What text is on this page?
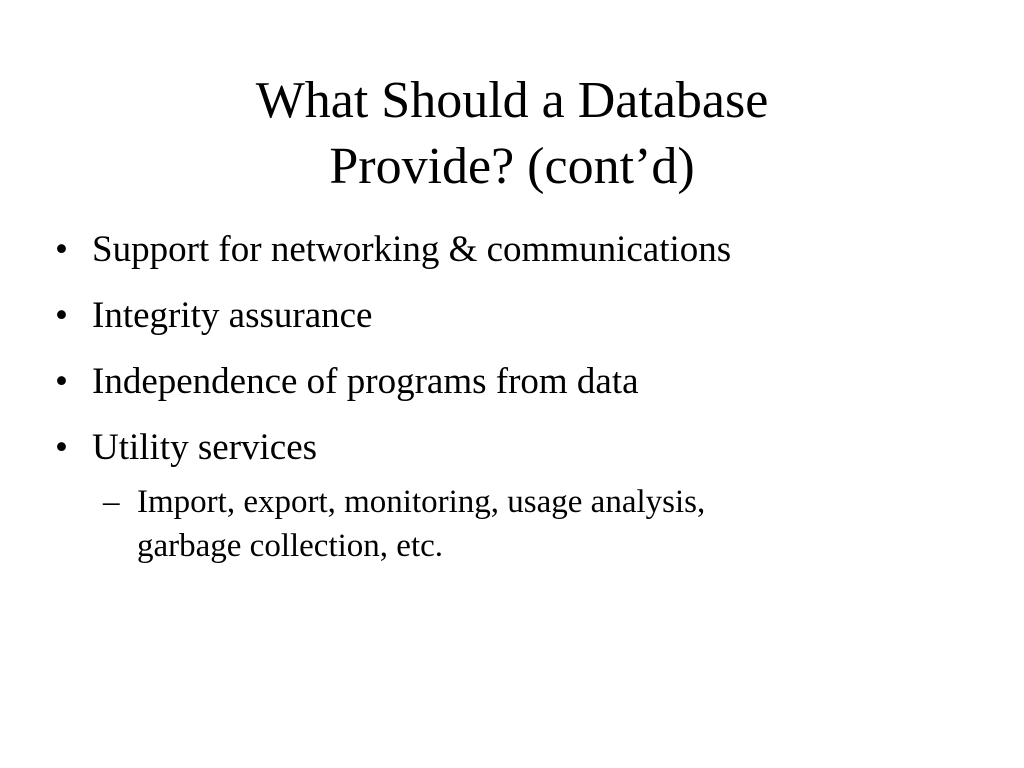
What Should a Database
Provide? (cont’d)
• Support for networking & communications
• Integrity assurance
• Independence of programs from data
• Utility services
– Import, export, monitoring, usage analysis, garbage collection, etc.
